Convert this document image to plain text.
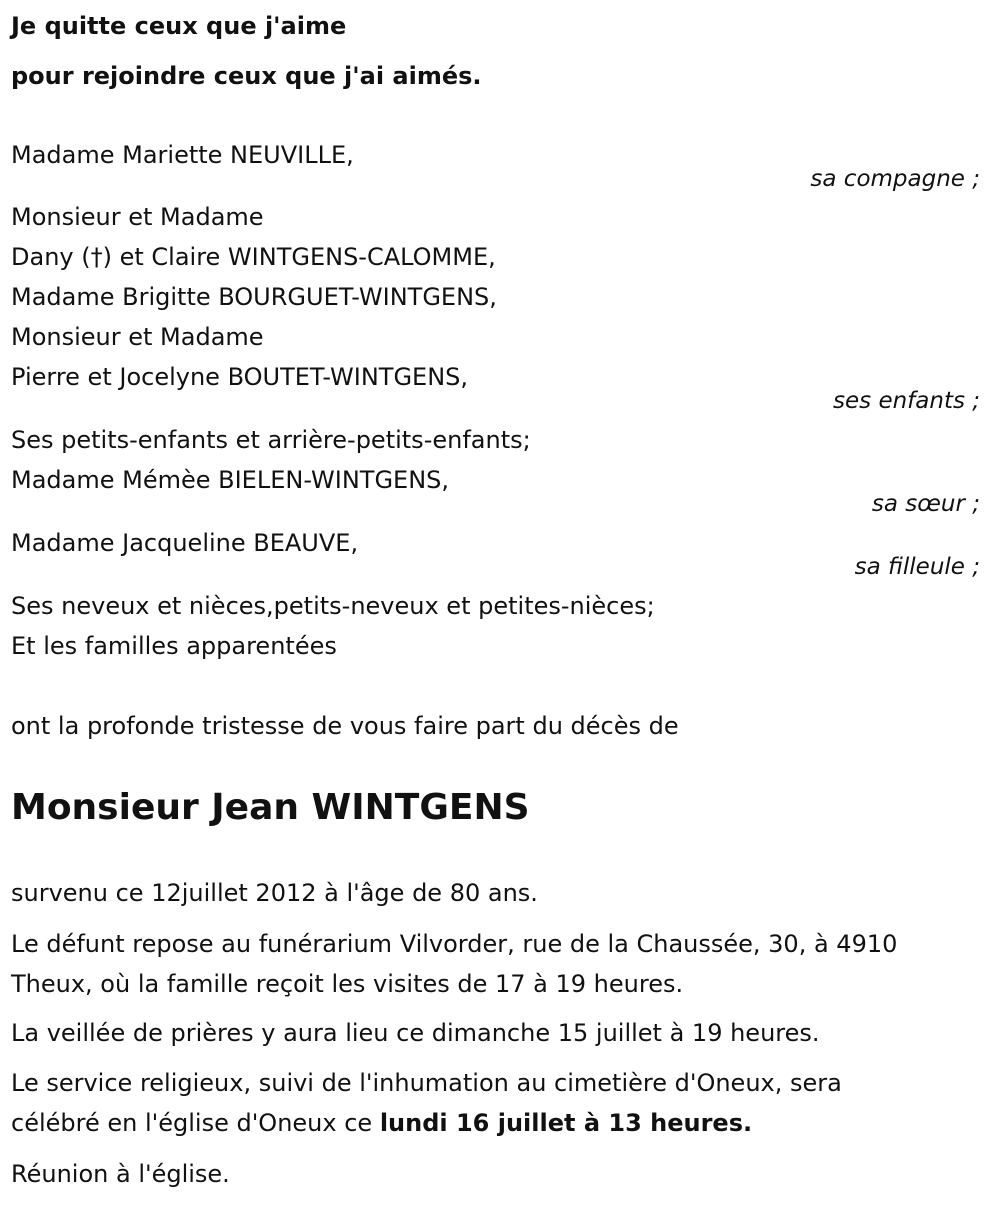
Je quitte ceux que j'aime

pour rejoindre ceux que j'ai aimés.

Madame Mariette NEUVILLE,

sa compagne ;

Monsieur et Madame

Dany (†) et Claire WINTGENS-CALOMME,

Madame Brigitte BOURGUET-WINTGENS,

Monsieur et Madame

Pierre et Jocelyne BOUTET-WINTGENS,

ses enfants ;

Ses petits-enfants et arrière-petits-enfants;

Madame Mémèe BIELEN-WINTGENS,

sa sœur ;

Madame Jacqueline BEAUVE,

sa filleule ;

Ses neveux et nièces,petits-neveux et petites-nièces;

Et les familles apparentées

ont la profonde tristesse de vous faire part du décès de

Monsieur Jean WINTGENS

survenu ce 12juillet 2012 à l'âge de 80 ans.

Le défunt repose au funérarium Vilvorder, rue de la Chaussée, 30, à 4910

Theux, où la famille reçoit les visites de 17 à 19 heures.

La veillée de prières y aura lieu ce dimanche 15 juillet à 19 heures.

Le service religieux, suivi de l'inhumation au cimetière d'Oneux, sera

célébré en l'église d'Oneux ce lundi 16 juillet à 13 heures.

Réunion à l'église.
